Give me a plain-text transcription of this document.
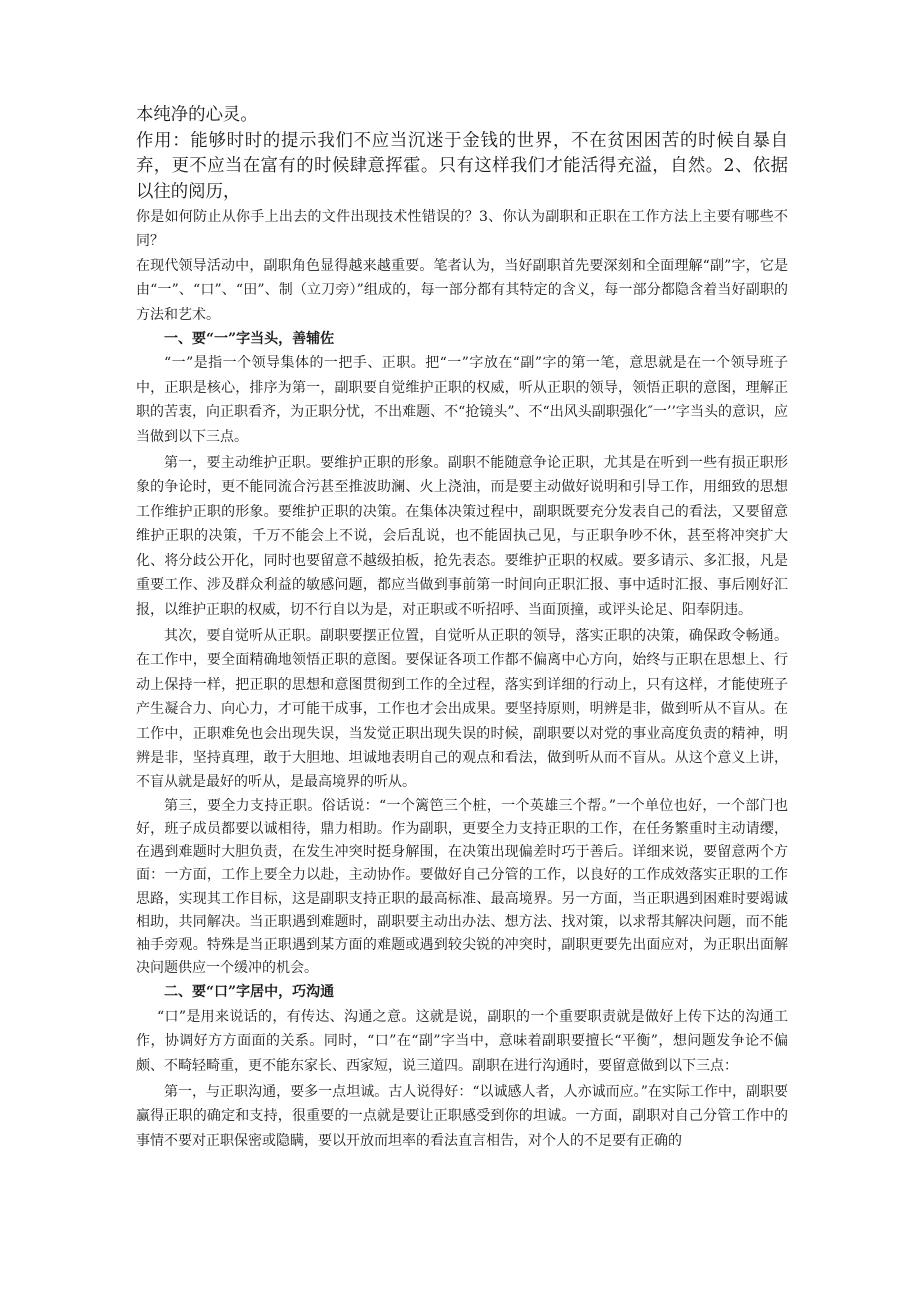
本纯净的心灵。

作用：能够时时的提示我们不应当沉迷于金钱的世界，不在贫困困苦的时候自暴自弃，更不应当在富有的时候肆意挥霍。只有这样我们才能活得充溢，自然。2、依据以往的阅历，

你是如何防止从你手上出去的文件出现技术性错误的？3、你认为副职和正职在工作方法上主要有哪些不同？

在现代领导活动中，副职角色显得越来越重要。笔者认为，当好副职首先要深刻和全面理解“副”字，它是由“一”、“口”、“田”、制（立刀旁）”组成的，每一部分都有其特定的含义，每一部分都隐含着当好副职的方法和艺术。

一、要“一”字当头，善辅佐

“一”是指一个领导集体的一把手、正职。把“一”字放在“副”字的第一笔，意思就是在一个领导班子中，正职是核心，排序为第一，副职要自觉维护正职的权威，听从正职的领导，领悟正职的意图，理解正职的苦衷，向正职看齐，为正职分忧，不出难题、不“抢镜头”、不“出风头副职强化″一’’字当头的意识，应当做到以下三点。

第一，要主动维护正职。要维护正职的形象。副职不能随意争论正职，尤其是在听到一些有损正职形象的争论时，更不能同流合污甚至推波助澜、火上浇油，而是要主动做好说明和引导工作，用细致的思想工作维护正职的形象。要维护正职的决策。在集体决策过程中，副职既要充分发表自己的看法，又要留意维护正职的决策，千万不能会上不说，会后乱说，也不能固执己见，与正职争吵不休，甚至将冲突扩大化、将分歧公开化，同时也要留意不越级拍板，抢先表态。要维护正职的权威。要多请示、多汇报，凡是重要工作、涉及群众利益的敏感问题，都应当做到事前第一时间向正职汇报、事中适时汇报、事后刚好汇报，以维护正职的权威，切不行自以为是，对正职或不听招呼、当面顶撞，或评头论足、阳奉阴违。

其次，要自觉听从正职。副职要摆正位置，自觉听从正职的领导，落实正职的决策，确保政令畅通。在工作中，要全面精确地领悟正职的意图。要保证各项工作都不偏离中心方向，始终与正职在思想上、行动上保持一样，把正职的思想和意图贯彻到工作的全过程，落实到详细的行动上，只有这样，才能使班子产生凝合力、向心力，才可能干成事，工作也才会出成果。要坚持原则，明辨是非，做到听从不盲从。在工作中，正职难免也会出现失误，当发觉正职出现失误的时候，副职要以对党的事业高度负责的精神，明辨是非，坚持真理，敢于大胆地、坦诚地表明自己的观点和看法，做到听从而不盲从。从这个意义上讲，不盲从就是最好的听从，是最高境界的听从。

第三，要全力支持正职。俗话说：“一个篱笆三个桩，一个英雄三个帮。”一个单位也好，一个部门也好，班子成员都要以诚相待，鼎力相助。作为副职，更要全力支持正职的工作，在任务繁重时主动请缨，在遇到难题时大胆负责，在发生冲突时挺身解围，在决策出现偏差时巧于善后。详细来说，要留意两个方面：一方面，工作上要全力以赴，主动协作。要做好自己分管的工作，以良好的工作成效落实正职的工作思路，实现其工作目标，这是副职支持正职的最高标准、最高境界。另一方面，当正职遇到困难时要竭诚相助，共同解决。当正职遇到难题时，副职要主动出办法、想方法、找对策，以求帮其解决问题，而不能袖手旁观。特殊是当正职遇到某方面的难题或遇到较尖锐的冲突时，副职更要先出面应对，为正职出面解决问题供应一个缓冲的机会。

二、要“口”字居中，巧沟通

“口”是用来说话的，有传达、沟通之意。这就是说，副职的一个重要职责就是做好上传下达的沟通工作，协调好方方面面的关系。同时，“口”在“副”字当中，意味着副职要擅长“平衡”，想问题发争论不偏颇、不畸轻畸重，更不能东家长、西家短，说三道四。副职在进行沟通时，要留意做到以下三点：

第一，与正职沟通，要多一点坦诚。古人说得好：“以诚感人者，人亦诚而应。”在实际工作中，副职要赢得正职的确定和支持，很重要的一点就是要让正职感受到你的坦诚。一方面，副职对自己分管工作中的事情不要对正职保密或隐瞒，要以开放而坦率的看法直言相告，对个人的不足要有正确的
